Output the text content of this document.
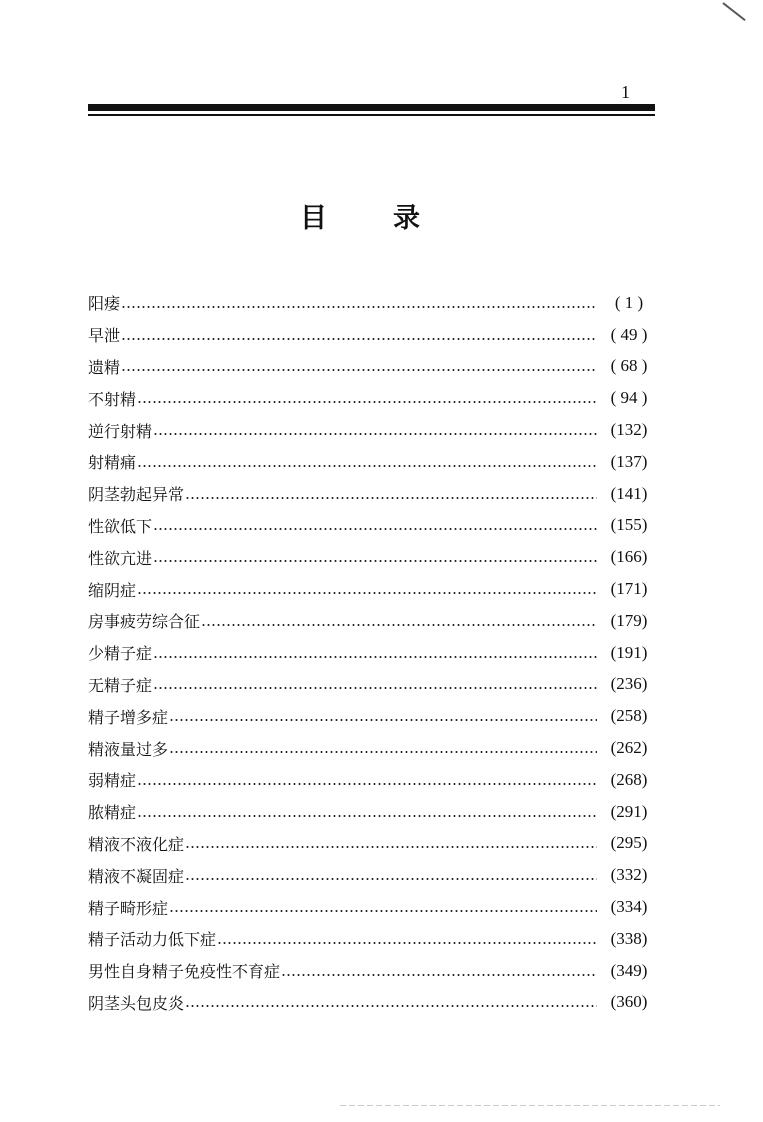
1
目 录
阳痿	( 1 )
早泄	( 49 )
遗精	( 68 )
不射精	( 94 )
逆行射精	(132)
射精痛	(137)
阴茎勃起异常	(141)
性欲低下	(155)
性欲亢进	(166)
缩阴症	(171)
房事疲劳综合征	(179)
少精子症	(191)
无精子症	(236)
精子增多症	(258)
精液量过多	(262)
弱精症	(268)
脓精症	(291)
精液不液化症	(295)
精液不凝固症	(332)
精子畸形症	(334)
精子活动力低下症	(338)
男性自身精子免疫性不育症	(349)
阴茎头包皮炎	(360)
